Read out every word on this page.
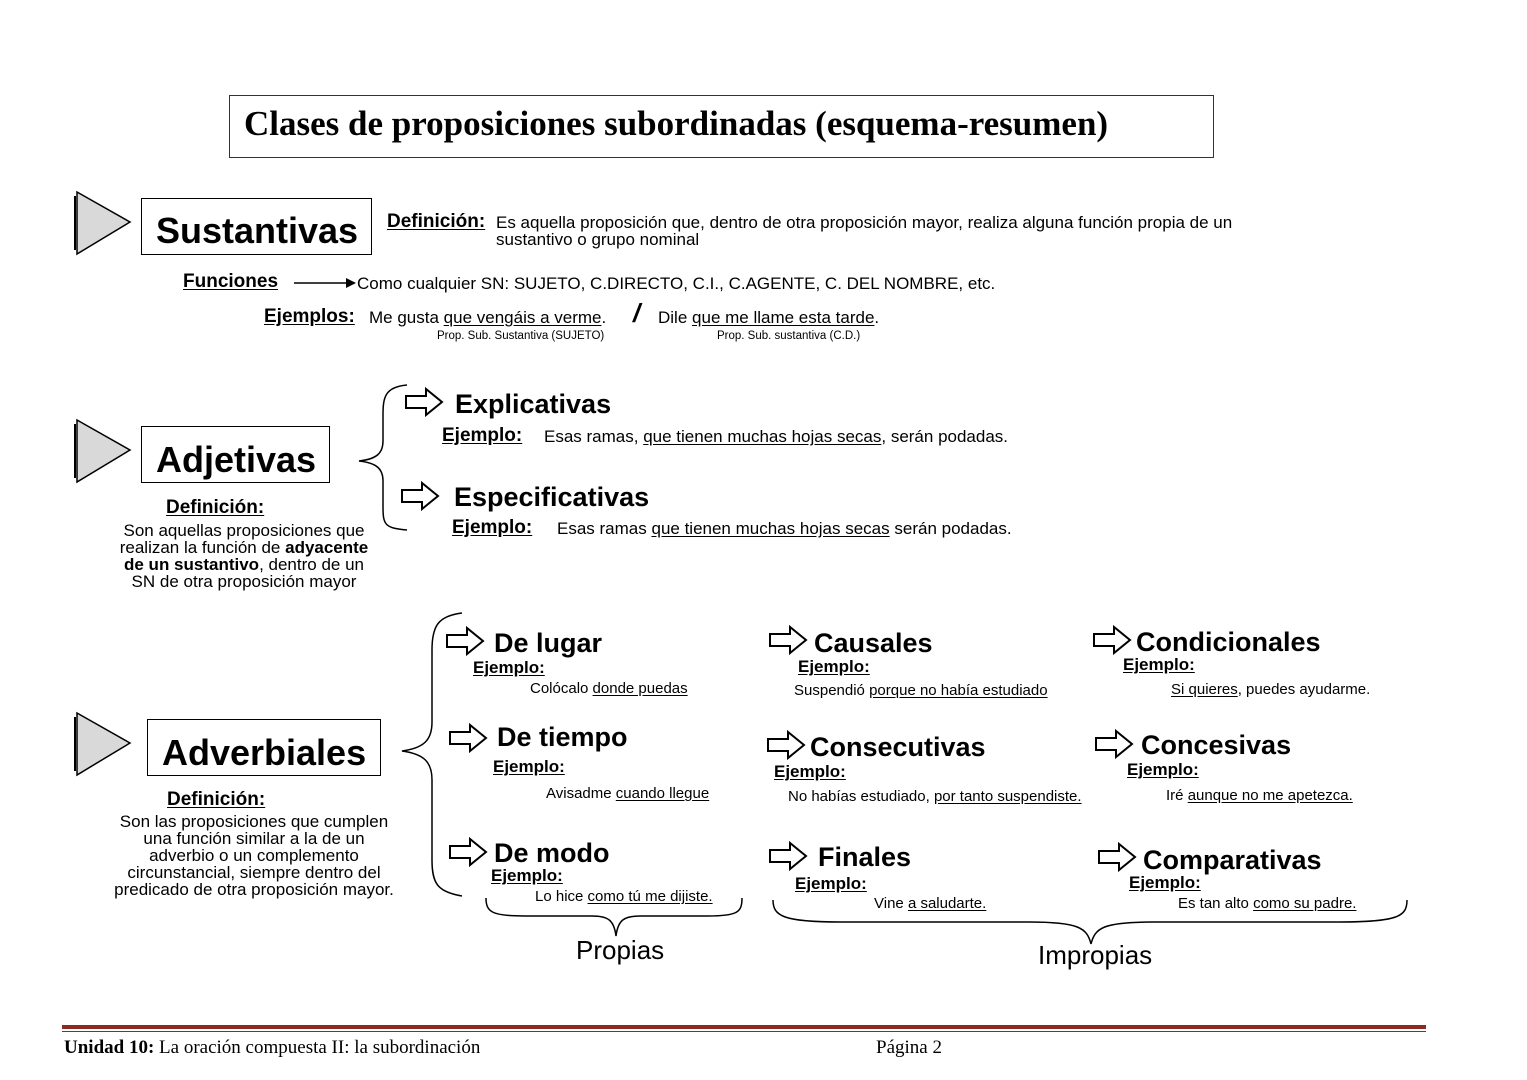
Clases de proposiciones subordinadas (esquema-resumen)
Sustantivas Definición: Es aquella proposición que, dentro de otra proposición mayor, realiza alguna función propia de un
sustantivo o grupo nominal
Funciones	Como cualquier SN: SUJETO, C.DIRECTO, C.I., C.AGENTE, C. DEL NOMBRE, etc.
Ejemplos: Me gusta que vengáis a verme.
Prop. Sub. Sustantiva (SUJETO)
/ Dile que me llame esta tarde.
Prop. Sub. sustantiva (C.D.)
Adjetivas
Definición:
Son aquellas proposiciones que
realizan la función de adyacente
de un sustantivo, dentro de un
SN de otra proposición mayor
Explicativas
Ejemplo: Esas ramas, que tienen muchas hojas secas, serán podadas.
Especificativas
Ejemplo: Esas ramas que tienen muchas hojas secas serán podadas.
Adverbiales
Definición:
Son las proposiciones que cumplen
una función similar a la de un
adverbio o un complemento
circunstancial, siempre dentro del
predicado de otra proposición mayor.
De lugar
Ejemplo:
Colócalo donde puedas
De tiempo
Ejemplo:
Avisadme cuando llegue
De modo
Ejemplo:
Lo hice como tú me dijiste.
Causales
Ejemplo:
Suspendió porque no había estudiado
Consecutivas
Ejemplo:
No habías estudiado, por tanto suspendiste.
Finales
Ejemplo:
Vine a saludarte.
Condicionales
Ejemplo:
Si quieres, puedes ayudarme.
Concesivas
Ejemplo:
Iré aunque no me apetezca.
Comparativas
Ejemplo:
Es tan alto como su padre.
Propias	Impropias
Unidad 10: La oración compuesta II: la subordinación	Página 2
